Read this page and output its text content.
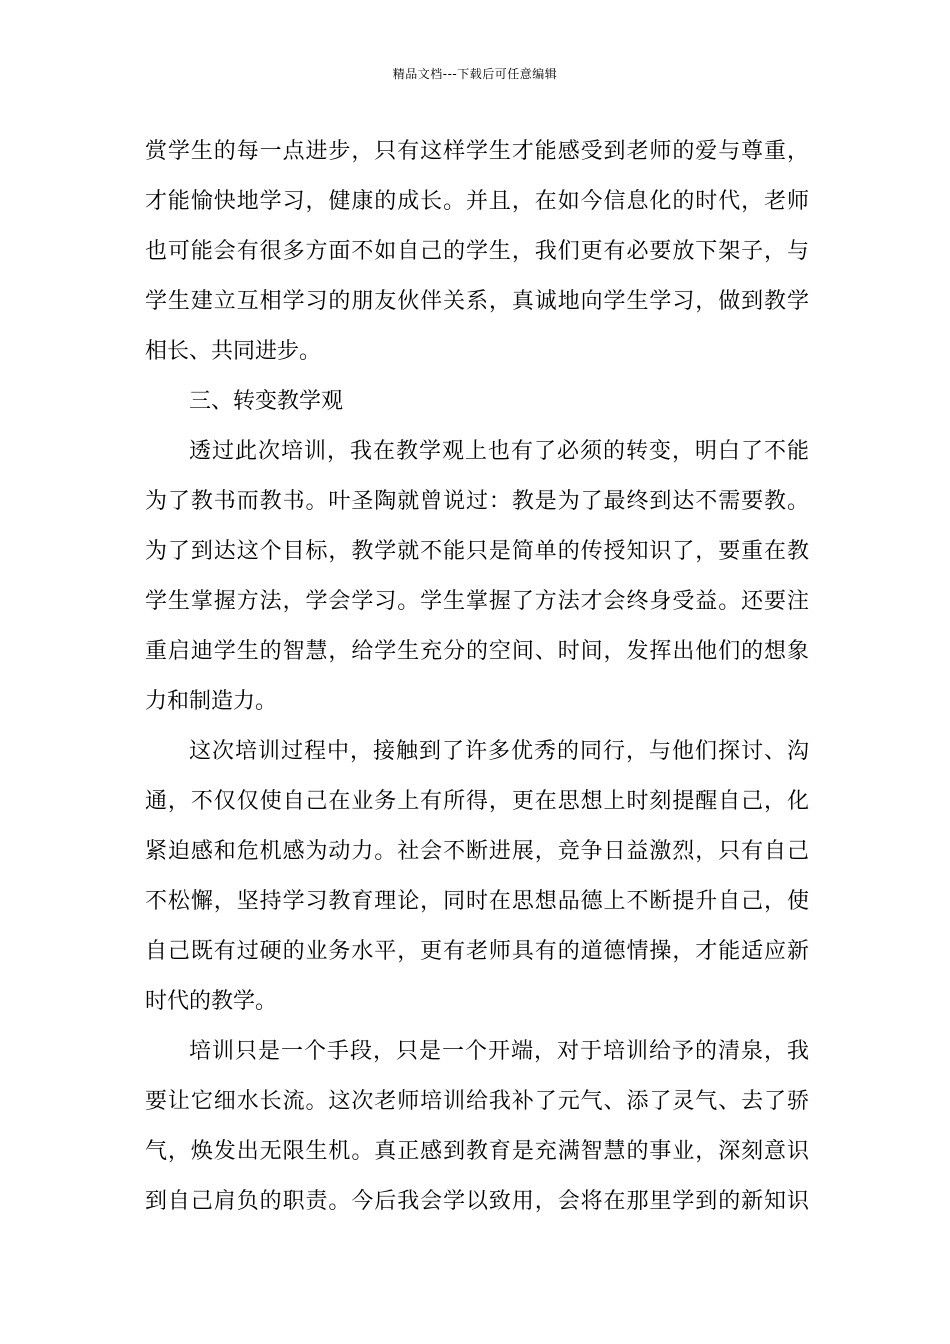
精品文档---下载后可任意编辑
赏学生的每一点进步，只有这样学生才能感受到老师的爱与尊重，
才能愉快地学习，健康的成长。并且，在如今信息化的时代，老师
也可能会有很多方面不如自己的学生，我们更有必要放下架子，与
学生建立互相学习的朋友伙伴关系，真诚地向学生学习，做到教学
相长、共同进步。
三、转变教学观
透过此次培训，我在教学观上也有了必须的转变，明白了不能
为了教书而教书。叶圣陶就曾说过：教是为了最终到达不需要教。
为了到达这个目标，教学就不能只是简单的传授知识了，要重在教
学生掌握方法，学会学习。学生掌握了方法才会终身受益。还要注
重启迪学生的智慧，给学生充分的空间、时间，发挥出他们的想象
力和制造力。
这次培训过程中，接触到了许多优秀的同行，与他们探讨、沟
通，不仅仅使自己在业务上有所得，更在思想上时刻提醒自己，化
紧迫感和危机感为动力。社会不断进展，竞争日益激烈，只有自己
不松懈，坚持学习教育理论，同时在思想品德上不断提升自己，使
自己既有过硬的业务水平，更有老师具有的道德情操，才能适应新
时代的教学。
培训只是一个手段，只是一个开端，对于培训给予的清泉，我
要让它细水长流。这次老师培训给我补了元气、添了灵气、去了骄
气，焕发出无限生机。真正感到教育是充满智慧的事业，深刻意识
到自己肩负的职责。今后我会学以致用，会将在那里学到的新知识
